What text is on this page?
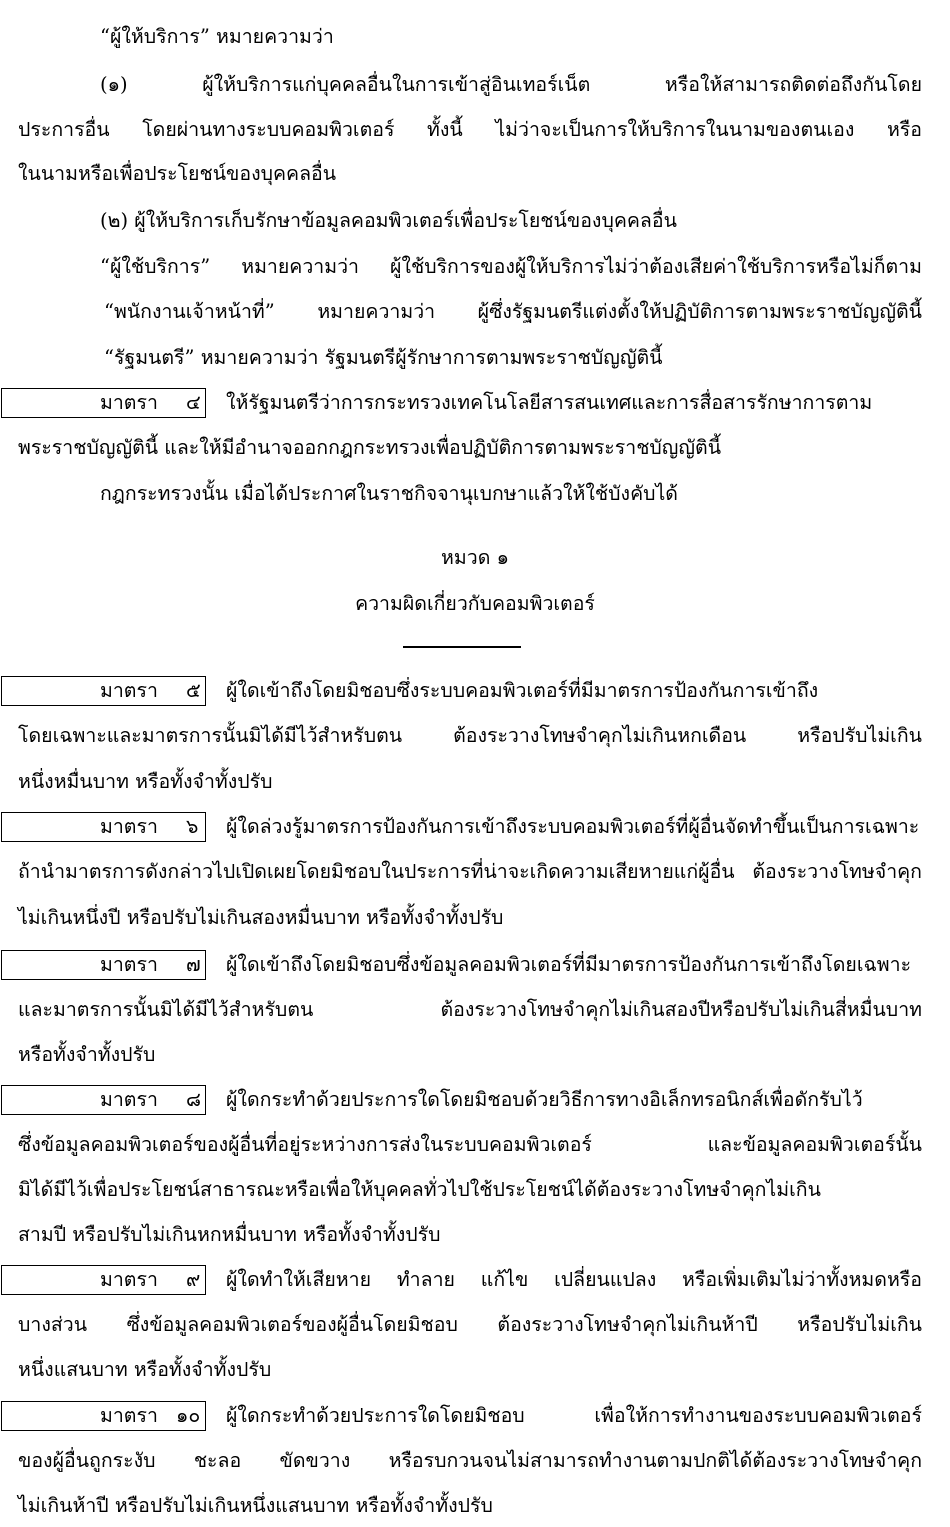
“ผู้ให้บริการ” หมายความว่า
(๑) ผู้ให้บริการแก่บุคคลอื่นในการเข้าสู่อินเทอร์เน็ต หรือให้สามารถติดต่อถึงกันโดย
ประการอื่น โดยผ่านทางระบบคอมพิวเตอร์ ทั้งนี้ ไม่ว่าจะเป็นการให้บริการในนามของตนเอง หรือ
ในนามหรือเพื่อประโยชน์ของบุคคลอื่น
(๒) ผู้ให้บริการเก็บรักษาข้อมูลคอมพิวเตอร์เพื่อประโยชน์ของบุคคลอื่น
“ผู้ใช้บริการ” หมายความว่า ผู้ใช้บริการของผู้ให้บริการไม่ว่าต้องเสียค่าใช้บริการหรือไม่ก็ตาม
“พนักงานเจ้าหน้าที่” หมายความว่า ผู้ซึ่งรัฐมนตรีแต่งตั้งให้ปฏิบัติการตามพระราชบัญญัตินี้
“รัฐมนตรี” หมายความว่า รัฐมนตรีผู้รักษาการตามพระราชบัญญัตินี้
มาตรา ๔ ให้รัฐมนตรีว่าการกระทรวงเทคโนโลยีสารสนเทศและการสื่อสารรักษาการตาม
พระราชบัญญัตินี้ และให้มีอำนาจออกกฎกระทรวงเพื่อปฏิบัติการตามพระราชบัญญัตินี้
กฎกระทรวงนั้น เมื่อได้ประกาศในราชกิจจานุเบกษาแล้วให้ใช้บังคับได้
หมวด ๑
ความผิดเกี่ยวกับคอมพิวเตอร์
มาตรา ๕ ผู้ใดเข้าถึงโดยมิชอบซึ่งระบบคอมพิวเตอร์ที่มีมาตรการป้องกันการเข้าถึง
โดยเฉพาะและมาตรการนั้นมิได้มีไว้สำหรับตน ต้องระวางโทษจำคุกไม่เกินหกเดือน หรือปรับไม่เกิน
หนึ่งหมื่นบาท หรือทั้งจำทั้งปรับ
มาตรา ๖ ผู้ใดล่วงรู้มาตรการป้องกันการเข้าถึงระบบคอมพิวเตอร์ที่ผู้อื่นจัดทำขึ้นเป็นการเฉพาะ
ถ้านำมาตรการดังกล่าวไปเปิดเผยโดยมิชอบในประการที่น่าจะเกิดความเสียหายแก่ผู้อื่น ต้องระวางโทษจำคุก
ไม่เกินหนึ่งปี หรือปรับไม่เกินสองหมื่นบาท หรือทั้งจำทั้งปรับ
มาตรา ๗ ผู้ใดเข้าถึงโดยมิชอบซึ่งข้อมูลคอมพิวเตอร์ที่มีมาตรการป้องกันการเข้าถึงโดยเฉพาะ
และมาตรการนั้นมิได้มีไว้สำหรับตน ต้องระวางโทษจำคุกไม่เกินสองปีหรือปรับไม่เกินสี่หมื่นบาท
หรือทั้งจำทั้งปรับ
มาตรา ๘ ผู้ใดกระทำด้วยประการใดโดยมิชอบด้วยวิธีการทางอิเล็กทรอนิกส์เพื่อดักรับไว้
ซึ่งข้อมูลคอมพิวเตอร์ของผู้อื่นที่อยู่ระหว่างการส่งในระบบคอมพิวเตอร์ และข้อมูลคอมพิวเตอร์นั้น
มิได้มีไว้เพื่อประโยชน์สาธารณะหรือเพื่อให้บุคคลทั่วไปใช้ประโยชน์ได้ต้องระวางโทษจำคุกไม่เกิน
สามปี หรือปรับไม่เกินหกหมื่นบาท หรือทั้งจำทั้งปรับ
มาตรา ๙ ผู้ใดทำให้เสียหาย ทำลาย แก้ไข เปลี่ยนแปลง หรือเพิ่มเติมไม่ว่าทั้งหมดหรือ
บางส่วน ซึ่งข้อมูลคอมพิวเตอร์ของผู้อื่นโดยมิชอบ ต้องระวางโทษจำคุกไม่เกินห้าปี หรือปรับไม่เกิน
หนึ่งแสนบาท หรือทั้งจำทั้งปรับ
มาตรา ๑๐ ผู้ใดกระทำด้วยประการใดโดยมิชอบ เพื่อให้การทำงานของระบบคอมพิวเตอร์
ของผู้อื่นถูกระงับ ชะลอ ขัดขวาง หรือรบกวนจนไม่สามารถทำงานตามปกติได้ต้องระวางโทษจำคุก
ไม่เกินห้าปี หรือปรับไม่เกินหนึ่งแสนบาท หรือทั้งจำทั้งปรับ
